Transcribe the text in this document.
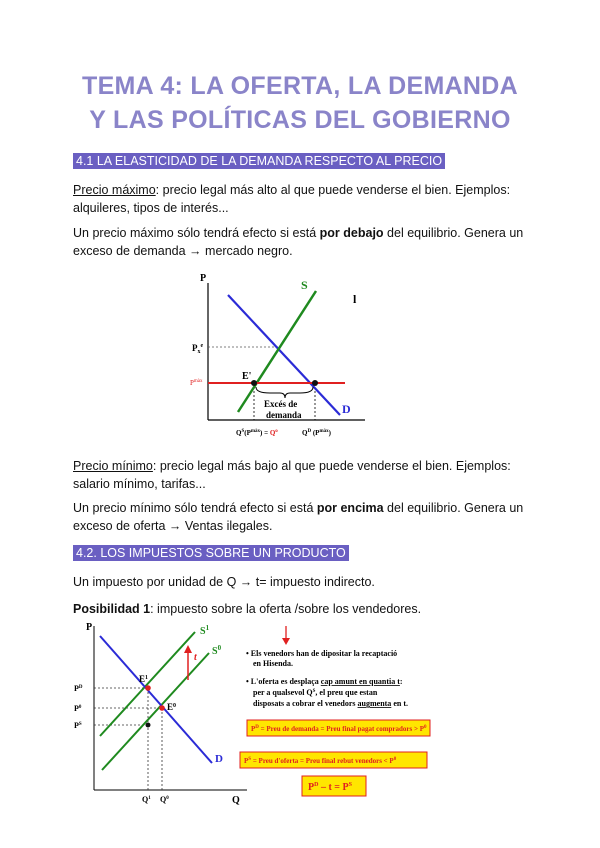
TEMA 4: LA OFERTA, LA DEMANDA
Y LAS POLÍTICAS DEL GOBIERNO
4.1 LA ELASTICIDAD DE LA DEMANDA RESPECTO AL PRECIO
Precio máximo: precio legal más alto al que puede venderse el bien. Ejemplos:
alquileres, tipos de interés...
Un precio máximo sólo tendrá efecto si está por debajo del equilibrio. Genera un
exceso de demanda → mercado negro.
P	S
D
l
$P_x^e$
$P^{màx}$	E'
Excés de
demanda
$Q^S(P^{màx}) = Q^o$	$Q^D$ $(P^{màx})$
Precio mínimo: precio legal más bajo al que puede venderse el bien. Ejemplos:
salario mínimo, tarifas...
Un precio mínimo sólo tendrá efecto si está por encima del equilibrio. Genera un
exceso de oferta → Ventas ilegales.
4.2. LOS IMPUESTOS SOBRE UN PRODUCTO
Un impuesto por unidad de Q → t= impuesto indirecto.
Posibilidad 1: impuesto sobre la oferta /sobre los vendedores.
P
Q
$S^1$
$S^0$
t
D
$E^1$
$E^0$
$P^D$
$P^0$
$P^S$
$Q^1$ $Q^0$
• Els venedors han de dipositar la recaptació
en Hisenda.
• L'oferta es desplaça cap amunt en quantia t:
per a qualsevol $Q^S$, el preu que estan
disposats a cobrar el venedors augmenta en t.
$P^D$ = Preu de demanda = Preu final pagat compradors > $P^0$
$P^S$ = Preu d'oferta = Preu final rebut venedors < $P^0$
$P^D - t = P^S$
